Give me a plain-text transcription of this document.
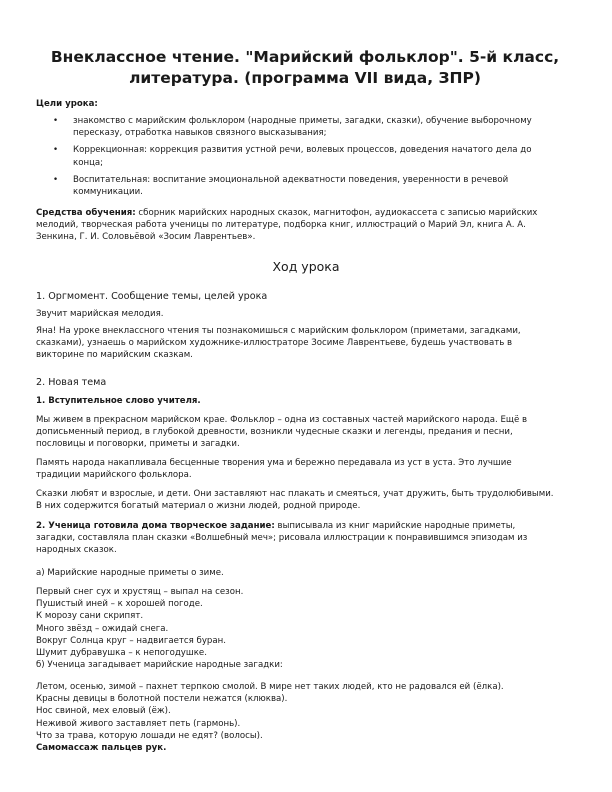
Внеклассное чтение. "Марийский фольклор". 5-й класс, литература. (программа VII вида, ЗПР)

Цели урока:

• знакомство с марийским фольклором (народные приметы, загадки, сказки), обучение выборочному пересказу, отработка навыков связного высказывания;
• Коррекционная: коррекция развития устной речи, волевых процессов, доведения начатого дела до конца;
• Воспитательная: воспитание эмоциональной адекватности поведения, уверенности в речевой коммуникации.

Средства обучения: сборник марийских народных сказок, магнитофон, аудиокассета с записью марийских мелодий, творческая работа ученицы по литературе, подборка книг, иллюстраций о Марий Эл, книга А. А. Зенкина, Г. И. Соловьёвой «Зосим Лаврентьев».

Ход урока

1. Оргмомент. Сообщение темы, целей урока

Звучит марийская мелодия.

Яна! На уроке внеклассного чтения ты познакомишься с марийским фольклором (приметами, загадками, сказками), узнаешь о марийском художнике-иллюстраторе Зосиме Лаврентьеве, будешь участвовать в викторине по марийским сказкам.

2. Новая тема

1. Вступительное слово учителя.

Мы живем в прекрасном марийском крае. Фольклор – одна из составных частей марийского народа. Ещё в дописьменный период, в глубокой древности, возникли чудесные сказки и легенды, предания и песни, пословицы и поговорки, приметы и загадки.

Память народа накапливала бесценные творения ума и бережно передавала из уст в уста. Это лучшие традиции марийского фольклора.

Сказки любят и взрослые, и дети. Они заставляют нас плакать и смеяться, учат дружить, быть трудолюбивыми. В них содержится богатый материал о жизни людей, родной природе.

2. Ученица готовила дома творческое задание: выписывала из книг марийские народные приметы, загадки, составляла план сказки «Волшебный меч»; рисовала иллюстрации к понравившимся эпизодам из народных сказок.

а) Марийские народные приметы о зиме.

Первый снег сух и хрустящ – выпал на сезон.

Пушистый иней – к хорошей погоде.

К морозу сани скрипят.

Много звёзд – ожидай снега.

Вокруг Солнца круг – надвигается буран.

Шумит дубравушка – к непогодушке.

б) Ученица загадывает марийские народные загадки:

Летом, осенью, зимой – пахнет терпкою смолой. В мире нет таких людей, кто не радовался ей (ёлка).

Красны девицы в болотной постели нежатся (клюква).

Нос свиной, мех еловый (ёж).

Неживой живого заставляет петь (гармонь).

Что за трава, которую лошади не едят? (волосы).

Самомассаж пальцев рук.
